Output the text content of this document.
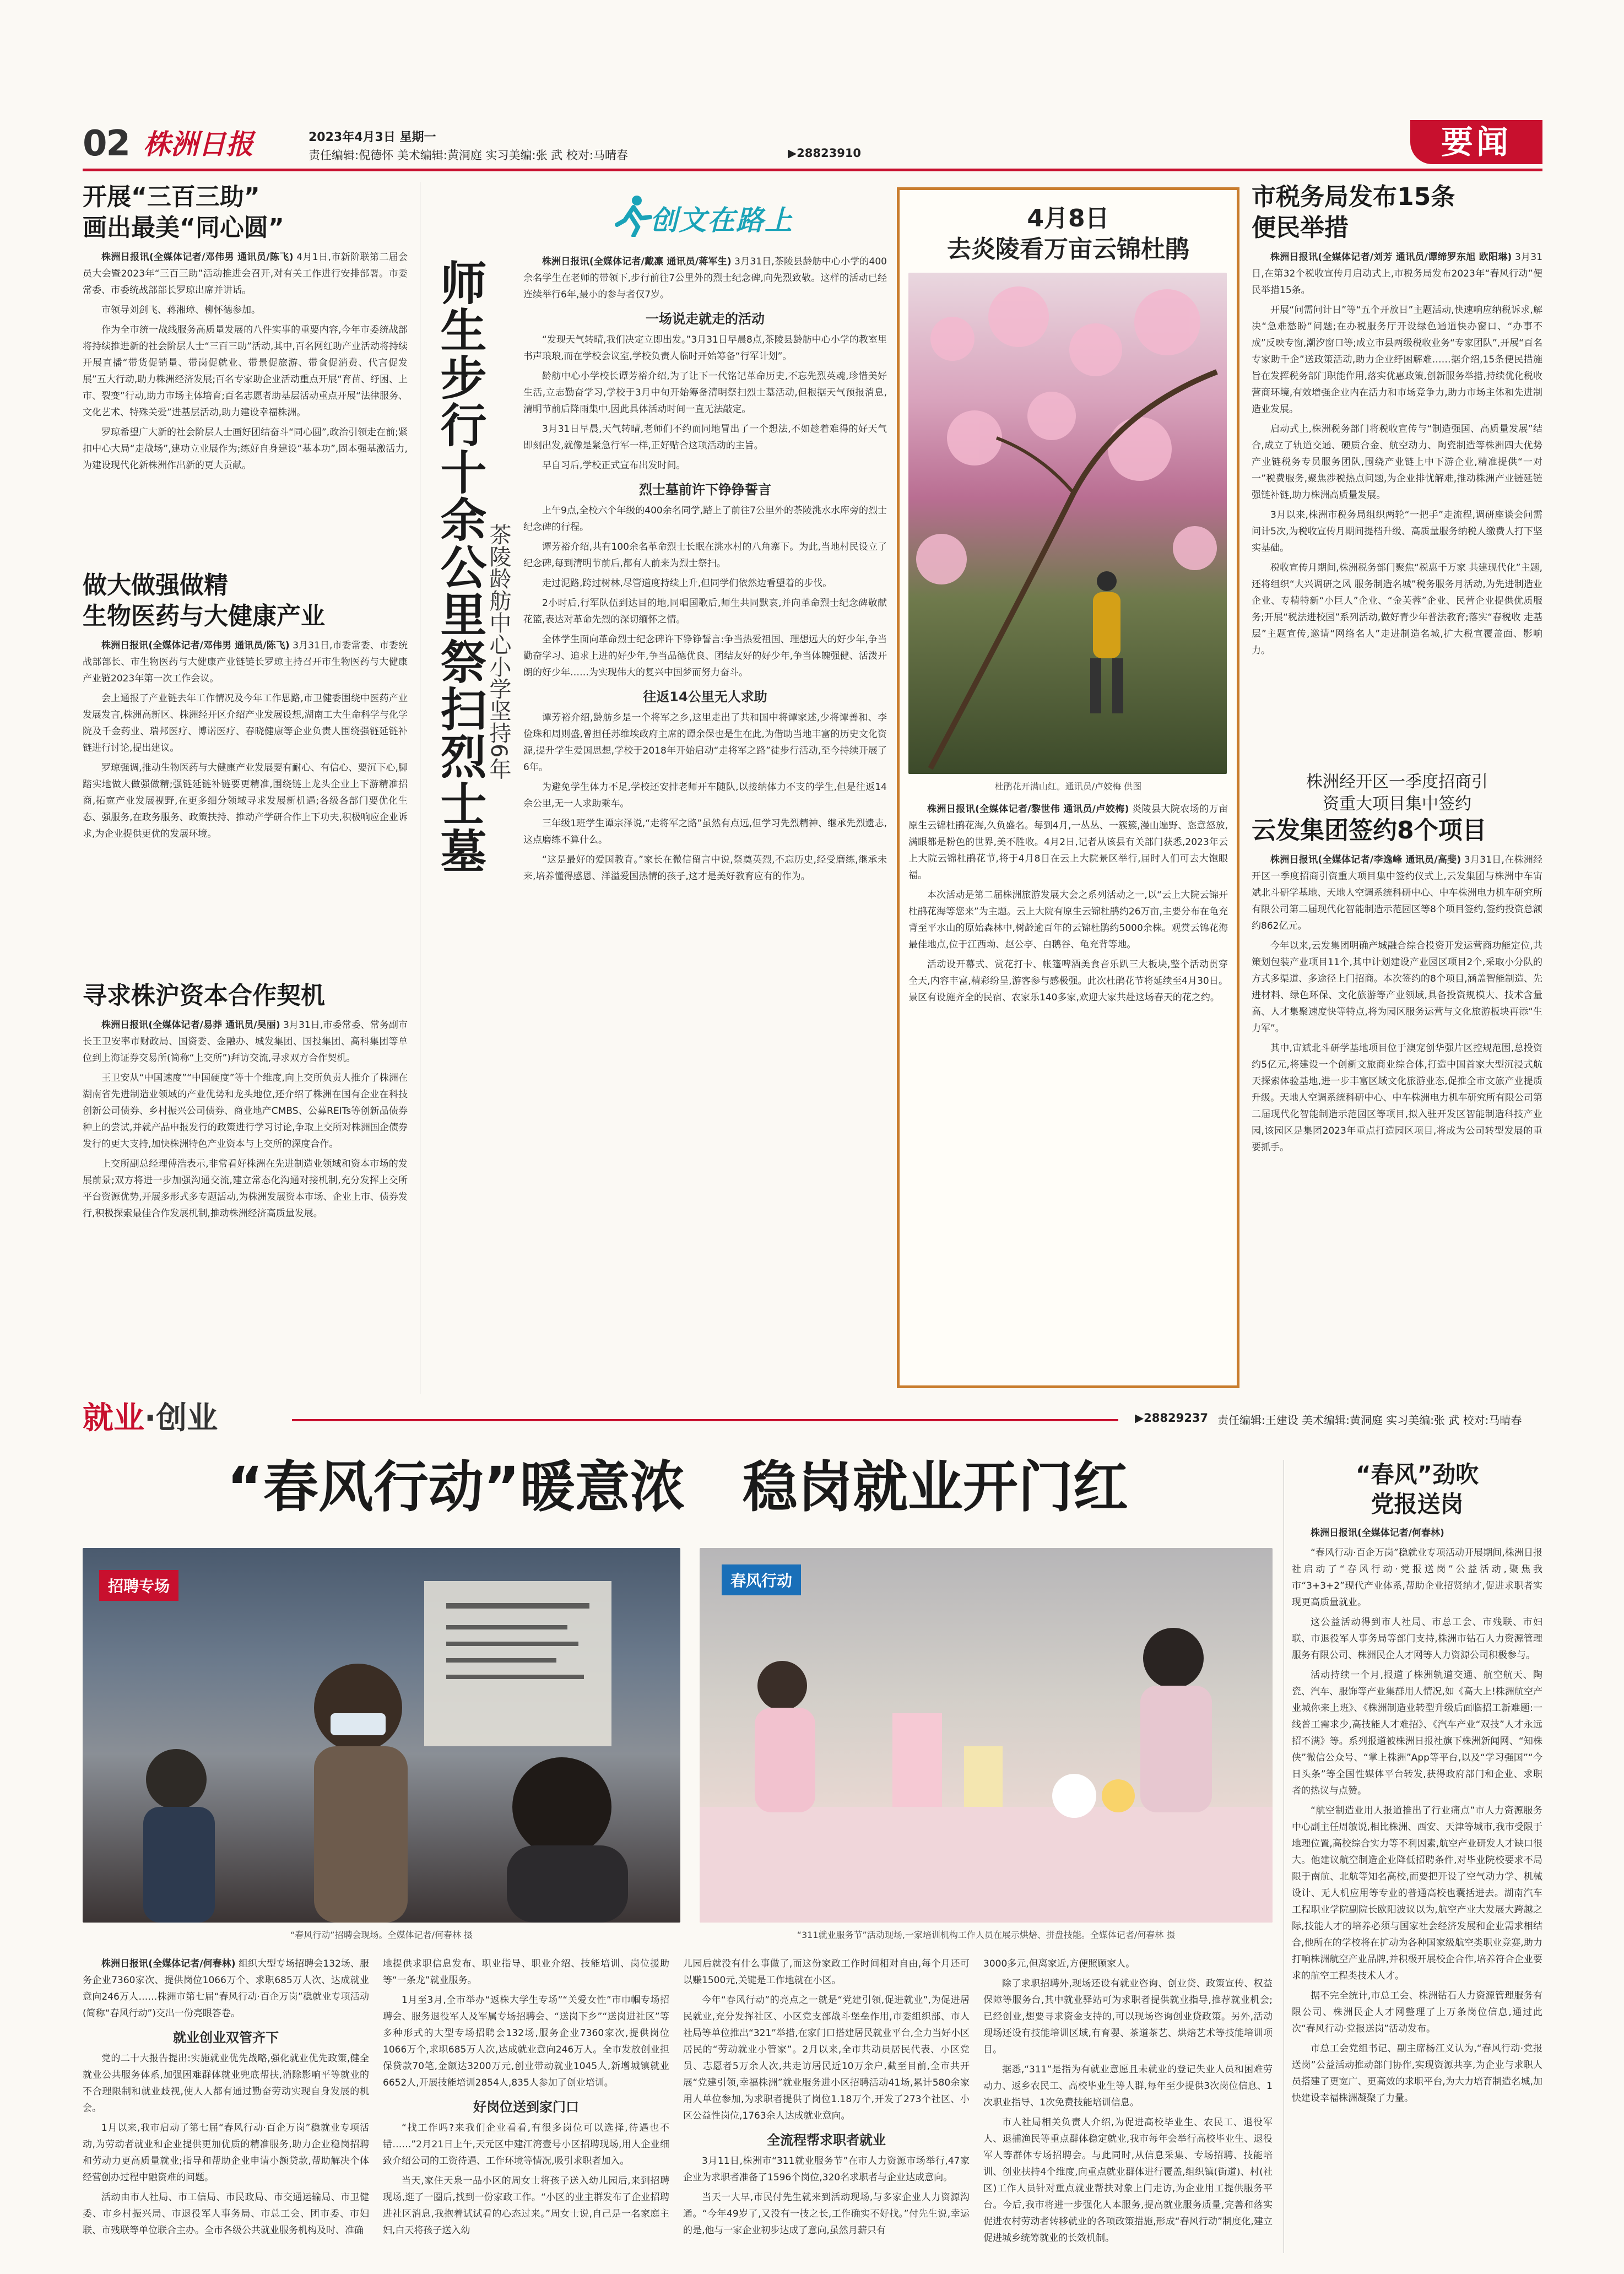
02 株洲日报	2023年4月3日 星期一
责任编辑:倪德怀 美术编辑:黄洞庭 实习美编:张 武 校对:马晴春	▶28823910	要闻
开展“三百三助”
画出最美“同心圆”

株洲日报讯(全媒体记者/邓伟男 通讯员/陈飞) 4月1日,市新阶联第二届会员大会暨2023年“三百三助”活动推进会召开,对有关工作进行安排部署。市委常委、市委统战部部长罗琼出席并讲话。

市领导刘剑飞、蒋湘璋、柳怀德参加。

作为全市统一战线服务高质量发展的八件实事的重要内容,今年市委统战部将持续推进新的社会阶层人士“三百三助”活动,其中,百名网红助产业活动将持续开展直播“带货促销量、带岗促就业、带景促旅游、带食促消费、代言促发展”五大行动,助力株洲经济发展;百名专家助企业活动重点开展“育苗、纾困、上市、裂变”行动,助力市场主体培育;百名志愿者助基层活动重点开展“法律服务、文化艺术、特殊关爱”进基层活动,助力建设幸福株洲。

罗琼希望广大新的社会阶层人士画好团结奋斗“同心圆”,政治引领走在前;紧扣中心大局“走战场”,建功立业展作为;练好自身建设“基本功”,固本强基激活力,为建设现代化新株洲作出新的更大贡献。

做大做强做精
生物医药与大健康产业

株洲日报讯(全媒体记者/邓伟男 通讯员/陈飞) 3月31日,市委常委、市委统战部部长、市生物医药与大健康产业链链长罗琼主持召开市生物医药与大健康产业链2023年第一次工作会议。

会上通报了产业链去年工作情况及今年工作思路,市卫健委围绕中医药产业发展发言,株洲高新区、株洲经开区介绍产业发展设想,湖南工大生命科学与化学院及千金药业、瑞邦医疗、博诺医疗、春晓健康等企业负责人围绕强链延链补链进行讨论,提出建议。

罗琼强调,推动生物医药与大健康产业发展要有耐心、有信心、要沉下心,脚踏实地做大做强做精;强链延链补链要更精准,围绕链上龙头企业上下游精准招商,拓宽产业发展视野,在更多细分领域寻求发展新机遇;各级各部门要优化生态、强服务,在政务服务、政策扶持、推动产学研合作上下功夫,积极响应企业诉求,为企业提供更优的发展环境。

寻求株沪资本合作契机

株洲日报讯(全媒体记者/易莽 通讯员/吴丽) 3月31日,市委常委、常务副市长王卫安率市财政局、国资委、金融办、城发集团、国投集团、高科集团等单位到上海证券交易所(简称“上交所”)拜访交流,寻求双方合作契机。

王卫安从“中国速度”“中国硬度”等十个维度,向上交所负责人推介了株洲在湖南省先进制造业领域的产业优势和龙头地位,还介绍了株洲在国有企业在科技创新公司债券、乡村振兴公司债券、商业地产CMBS、公募REITs等创新品债券种上的尝试,并就产品申报发行的政策进行学习讨论,争取上交所对株洲国企债券发行的更大支持,加快株洲特色产业资本与上交所的深度合作。

上交所副总经理傅浩表示,非常看好株洲在先进制造业领域和资本市场的发展前景;双方将进一步加强沟通交流,建立常态化沟通对接机制,充分发挥上交所平台资源优势,开展多形式多专题活动,为株洲发展资本市场、企业上市、债券发行,积极探索最佳合作发展机制,推动株洲经济高质量发展。

创文在路上
师生步行十余公里祭扫烈士墓
茶陵龄舫中心小学坚持6年

株洲日报讯(全媒体记者/戴凛 通讯员/蒋军生) 3月31日,茶陵县龄舫中心小学的400余名学生在老师的带领下,步行前往7公里外的烈士纪念碑,向先烈致敬。这样的活动已经连续举行6年,最小的参与者仅7岁。

一场说走就走的活动

“发现天气转晴,我们决定立即出发。”3月31日早晨8点,茶陵县龄舫中心小学的教室里书声琅琅,而在学校会议室,学校负责人临时开始筹备“行军计划”。

龄舫中心小学校长谭芳裕介绍,为了让下一代铭记革命历史,不忘先烈英魂,珍惜美好生活,立志勤奋学习,学校于3月中旬开始筹备清明祭扫烈士墓活动,但根据天气预报消息,清明节前后降雨集中,因此具体活动时间一直无法敲定。

3月31日早晨,天气转晴,老师们不约而同地冒出了一个想法,不如趁着难得的好天气即刻出发,就像是紧急行军一样,正好贴合这项活动的主旨。

早自习后,学校正式宣布出发时间。

烈士墓前许下铮铮誓言

上午9点,全校六个年级的400余名同学,踏上了前往7公里外的茶陵洮水水库旁的烈士纪念碑的行程。

谭芳裕介绍,共有100余名革命烈士长眠在洮水村的八角寨下。为此,当地村民设立了纪念碑,每到清明节前后,都有人前来为烈士祭扫。

走过泥路,跨过树林,尽管道度持续上升,但同学们依然边看望着的步伐。

2小时后,行军队伍到达目的地,同唱国歌后,师生共同默哀,并向革命烈士纪念碑敬献花篮,表达对革命先烈的深切缅怀之情。

全体学生面向革命烈士纪念碑许下铮铮誓言:争当热爱祖国、理想远大的好少年,争当勤奋学习、追求上进的好少年,争当品德优良、团结友好的好少年,争当体魄强健、活泼开朗的好少年……为实现伟大的复兴中国梦而努力奋斗。

往返14公里无人求助

谭芳裕介绍,龄舫乡是一个将军之乡,这里走出了共和国中将谭家述,少将谭善和、李俭珠和周则盛,曾担任苏维埃政府主席的谭余保也是生在此,为借助当地丰富的历史文化资源,提升学生爱国思想,学校于2018年开始启动“走将军之路”徒步行活动,至今持续开展了6年。

为避免学生体力不足,学校还安排老师开车随队,以接纳体力不支的学生,但是往返14余公里,无一人求助乘车。

三年级1班学生谭宗泽说,“走将军之路”虽然有点远,但学习先烈精神、继承先烈遗志,这点磨练不算什么。

“这是最好的爱国教育。”家长在微信留言中说,祭奠英烈,不忘历史,经受磨练,继承未来,培养懂得感恩、洋溢爱国热情的孩子,这才是美好教育应有的作为。

4月8日
去炎陵看万亩云锦杜鹃
杜鹃花开满山红。通讯员/卢姣梅 供图

株洲日报讯(全媒体记者/黎世伟 通讯员/卢姣梅) 炎陵县大院农场的万亩原生云锦杜鹃花海,久负盛名。每到4月,一丛丛、一簇簇,漫山遍野、恣意怒放,满眼都是粉色的世界,美不胜收。4月2日,记者从该县有关部门获悉,2023年云上大院云锦杜鹃花节,将于4月8日在云上大院景区举行,届时人们可去大饱眼福。

本次活动是第二届株洲旅游发展大会之系列活动之一,以“云上大院云锦开 杜鹃花海等您来”为主题。云上大院有原生云锦杜鹃约26万亩,主要分布在龟充背至平水山的原始森林中,树龄逾百年的云锦杜鹃约5000余株。观赏云锦花海最佳地点,位于江西坳、赵公亭、白鹅谷、龟充背等地。

活动设开幕式、赏花打卡、帐篷啤酒美食音乐趴三大板块,整个活动贯穿全天,内容丰富,精彩纷呈,游客参与感极强。此次杜鹃花节将延续至4月30日。景区有设施齐全的民宿、农家乐140多家,欢迎大家共赴这场春天的花之约。

市税务局发布15条
便民举措

株洲日报讯(全媒体记者/刘芳 通讯员/谭缔罗东旭 欧阳琳) 3月31日,在第32个税收宣传月启动式上,市税务局发布2023年“春风行动”便民举措15条。

开展“问需问计日”等“五个开放日”主题活动,快速响应纳税诉求,解决“急难愁盼”问题;在办税服务厅开设绿色通道快办窗口、“办事不成”反映专窗,潮汐窗口等;成立市县两级税收业务“专家团队”,开展“百名专家助千企”送政策活动,助力企业纾困解难……据介绍,15条便民措施旨在发挥税务部门职能作用,落实优惠政策,创新服务举措,持续优化税收营商环境,有效增强企业内在活力和市场竞争力,助力市场主体和先进制造业发展。

启动式上,株洲税务部门将税收宣传与“制造强国、高质量发展”结合,成立了轨道交通、硬质合金、航空动力、陶瓷制造等株洲四大优势产业链税务专员服务团队,围绕产业链上中下游企业,精准提供“一对一”税费服务,聚焦涉税热点问题,为企业排忧解难,推动株洲产业链延链强链补链,助力株洲高质量发展。

3月以来,株洲市税务局组织两轮“一把手”走流程,调研座谈会问需问计5次,为税收宣传月期间提档升级、高质量服务纳税人缴费人打下坚实基础。

税收宣传月期间,株洲税务部门聚焦“税惠千万家 共建现代化”主题,还将组织“大兴调研之风 服务制造名城”税务服务月活动,为先进制造业企业、专精特新“小巨人”企业、“金芙蓉”企业、民营企业提供优质服务;开展“税法进校园”系列活动,做好青少年普法教育;落实“春税收 走基层”主题宣传,邀请“网络名人”走进制造名城,扩大税宣覆盖面、影响力。

株洲经开区一季度招商引
资重大项目集中签约
云发集团签约8个项目

株洲日报讯(全媒体记者/李逸峰 通讯员/高斐) 3月31日,在株洲经开区一季度招商引资重大项目集中签约仪式上,云发集团与株洲中车宙斌北斗研学基地、天地人空调系统科研中心、中车株洲电力机车研究所有限公司第二届现代化智能制造示范园区等8个项目签约,签约投资总额约862亿元。

今年以来,云发集团明确产城融合综合投资开发运营商功能定位,共策划包装产业项目11个,其中计划建设产业园区项目2个,采取小分队的方式多渠道、多途径上门招商。本次签约的8个项目,涵盖智能制造、先进材料、绿色环保、文化旅游等产业领域,具备投资规模大、技术含量高、人才集聚速度快等特点,将为园区服务运营与文化旅游板块再添“生力军”。

其中,宙斌北斗研学基地项目位于澳宠创华强片区控规范围,总投资约5亿元,将建设一个创新文旅商业综合体,打造中国首家大型沉浸式航天探索体验基地,进一步丰富区域文化旅游业态,促推全市文旅产业提质升级。天地人空调系统科研中心、中车株洲电力机车研究所有限公司第二届现代化智能制造示范园区等项目,拟入驻开发区智能制造科技产业园,该园区是集团2023年重点打造园区项目,将成为公司转型发展的重要抓手。

就业·创业	▶28829237 责任编辑:王建设 美术编辑:黄洞庭 实习美编:张 武 校对:马晴春
“春风行动”暖意浓   稳岗就业开门红
招聘专场
“春风行动”招聘会现场。全媒体记者/何春林 摄
春风行动
“311就业服务节”活动现场,一家培训机构工作人员在展示烘焙、拼盘技能。全媒体记者/何春林 摄

株洲日报讯(全媒体记者/何春林) 组织大型专场招聘会132场、服务企业7360家次、提供岗位1066万个、求职685万人次、达成就业意向246万人……株洲市第七届“春风行动·百企万岗”稳就业专项活动(简称“春风行动”)交出一份亮眼答卷。

就业创业双管齐下

党的二十大报告提出:实施就业优先战略,强化就业优先政策,健全就业公共服务体系,加强困难群体就业兜底帮扶,消除影响平等就业的不合理限制和就业歧视,使人人都有通过勤奋劳动实现自身发展的机会。

1月以来,我市启动了第七届“春风行动·百企万岗”稳就业专项活动,为劳动者就业和企业提供更加优质的精准服务,助力企业稳岗招聘和劳动力更高质量就业;指导和帮助企业申请小额贷款,帮助解决个体经营创办过程中融资难的问题。

活动由市人社局、市工信局、市民政局、市交通运输局、市卫健委、市乡村振兴局、市退役军人事务局、市总工会、团市委、市妇联、市残联等单位联合主办。全市各级公共就业服务机构及时、准确

地提供求职信息发布、职业指导、职业介绍、技能培训、岗位援助等“一条龙”就业服务。

1月至3月,全市举办“返株大学生专场”“关爱女性”市巾帼专场招聘会、服务退役军人及军属专场招聘会、“送岗下乡”“送岗进社区”等多种形式的大型专场招聘会132场,服务企业7360家次,提供岗位1066万个,求职685万人次,达成就业意向246万人。全市发放创业担保贷款70笔,金额达3200万元,创业带动就业1045人,新增城镇就业6652人,开展技能培训2854人,835人参加了创业培训。

好岗位送到家门口

“找工作吗?来我们企业看看,有很多岗位可以选择,待遇也不错……”2月21日上午,天元区中建江湾壹号小区招聘现场,用人企业细致介绍公司的工资待遇、工作环境等情况,吸引求职者加入。

当天,家住天泉一品小区的周女士将孩子送入幼儿园后,来到招聘现场,逛了一圈后,找到一份家政工作。“小区的业主群发布了企业招聘进社区消息,我抱着试试看的心态过来。”周女士说,自己是一名家庭主妇,白天将孩子送入幼

儿园后就没有什么事做了,而这份家政工作时间相对自由,每个月还可以赚1500元,关键是工作地就在小区。

今年“春风行动”的亮点之一就是“党建引领,促进就业”,为促进居民就业,充分发挥社区、小区党支部战斗堡垒作用,市委组织部、市人社局等单位推出“321”举措,在家门口搭建居民就业平台,全力当好小区居民的“劳动就业小管家”。2月以来,全市共动员居民代表、小区党员、志愿者5万余人次,共走访居民近10万余户,截至目前,全市共开展“党建引领,幸福株洲”就业服务进小区招聘活动41场,累计580余家用人单位参加,为求职者提供了岗位1.18万个,开发了273个社区、小区公益性岗位,1763余人达成就业意向。

全流程帮求职者就业

3月11日,株洲市“311就业服务节”在市人力资源市场举行,47家企业为求职者准备了1596个岗位,320名求职者与企业达成意向。

当天一大早,市民付先生就来到活动现场,与多家企业人力资源沟通。“今年49岁了,又没有一技之长,工作确实不好找。”付先生说,幸运的是,他与一家企业初步达成了意向,虽然月薪只有

3000多元,但离家近,方便照顾家人。

除了求职招聘外,现场还设有就业咨询、创业贷、政策宣传、权益保障等服务台,其中就业驿站可为求职者提供就业指导,推荐就业机会;已经创业,想要寻求资金支持的,可以现场咨询创业贷政策。另外,活动现场还设有技能培训区域,有育婴、茶道茶艺、烘焙艺术等技能培训项目。

据悉,“311”是指为有就业意愿且未就业的登记失业人员和困难劳动力、返乡农民工、高校毕业生等人群,每年至少提供3次岗位信息、1次职业指导、1次免费技能培训信息。

市人社局相关负责人介绍,为促进高校毕业生、农民工、退役军人、退捕渔民等重点群体稳定就业,我市每年会举行高校毕业生、退役军人等群体专场招聘会。与此同时,从信息采集、专场招聘、技能培训、创业扶持4个维度,向重点就业群体进行覆盖,组织镇(街道)、村(社区)工作人员针对重点就业帮扶对象上门走访,为企业用工提供服务平台。今后,我市将进一步强化人本服务,提高就业服务质量,完善和落实促进农村劳动者转移就业的各项政策措施,形成“春风行动”制度化,建立促进城乡统筹就业的长效机制。

“春风”劲吹
党报送岗

株洲日报讯(全媒体记者/何春林)

“春风行动·百企万岗”稳就业专项活动开展期间,株洲日报社启动了“春风行动·党报送岗”公益活动,聚焦我市“3+3+2”现代产业体系,帮助企业招贤纳才,促进求职者实现更高质量就业。

这公益活动得到市人社局、市总工会、市残联、市妇联、市退役军人事务局等部门支持,株洲市钻石人力资源管理服务有限公司、株洲民企人才网等人力资源公司积极参与。

活动持续一个月,报道了株洲轨道交通、航空航天、陶瓷、汽车、服饰等产业集群用人情况,如《高大上!株洲航空产业城你来上班》、《株洲制造业转型升级后面临招工新难题:一线普工需求少,高技能人才难招》、《汽车产业“双技”人才永远招不满》等。系列报道被株洲日报社旗下株洲新闻网、“知株侠”微信公众号、“掌上株洲”App等平台,以及“学习强国”“今日头条”等全国性媒体平台转发,获得政府部门和企业、求职者的热议与点赞。

“航空制造业用人报道推出了行业痛点”市人力资源服务中心副主任周敏说,相比株洲、西安、天津等城市,我市受限于地理位置,高校综合实力等不利因素,航空产业研发人才缺口很大。他建议航空制造企业降低招聘条件,对毕业院校要求不局限于南航、北航等知名高校,而要把开设了空气动力学、机械设计、无人机应用等专业的普通高校也囊括进去。湖南汽车工程职业学院副院长欧阳波议以为,航空产业大发展大跨越之际,技能人才的培养必须与国家社会经济发展和企业需求相结合,他所在的学校将在扩动为各种国家级航空类职业竞赛,助力打响株洲航空产业品牌,并积极开展校企合作,培养符合企业要求的航空工程类技术人才。

据不完全统计,市总工会、株洲钻石人力资源管理服务有限公司、株洲民企人才网整理了上万条岗位信息,通过此次“春风行动·党报送岗”活动发布。

市总工会党组书记、副主席杨江义认为,“春风行动·党报送岗”公益活动推动部门协作,实现资源共享,为企业与求职人员搭建了更宽广、更高效的求职平台,为大力培育制造名城,加快建设幸福株洲凝聚了力量。
